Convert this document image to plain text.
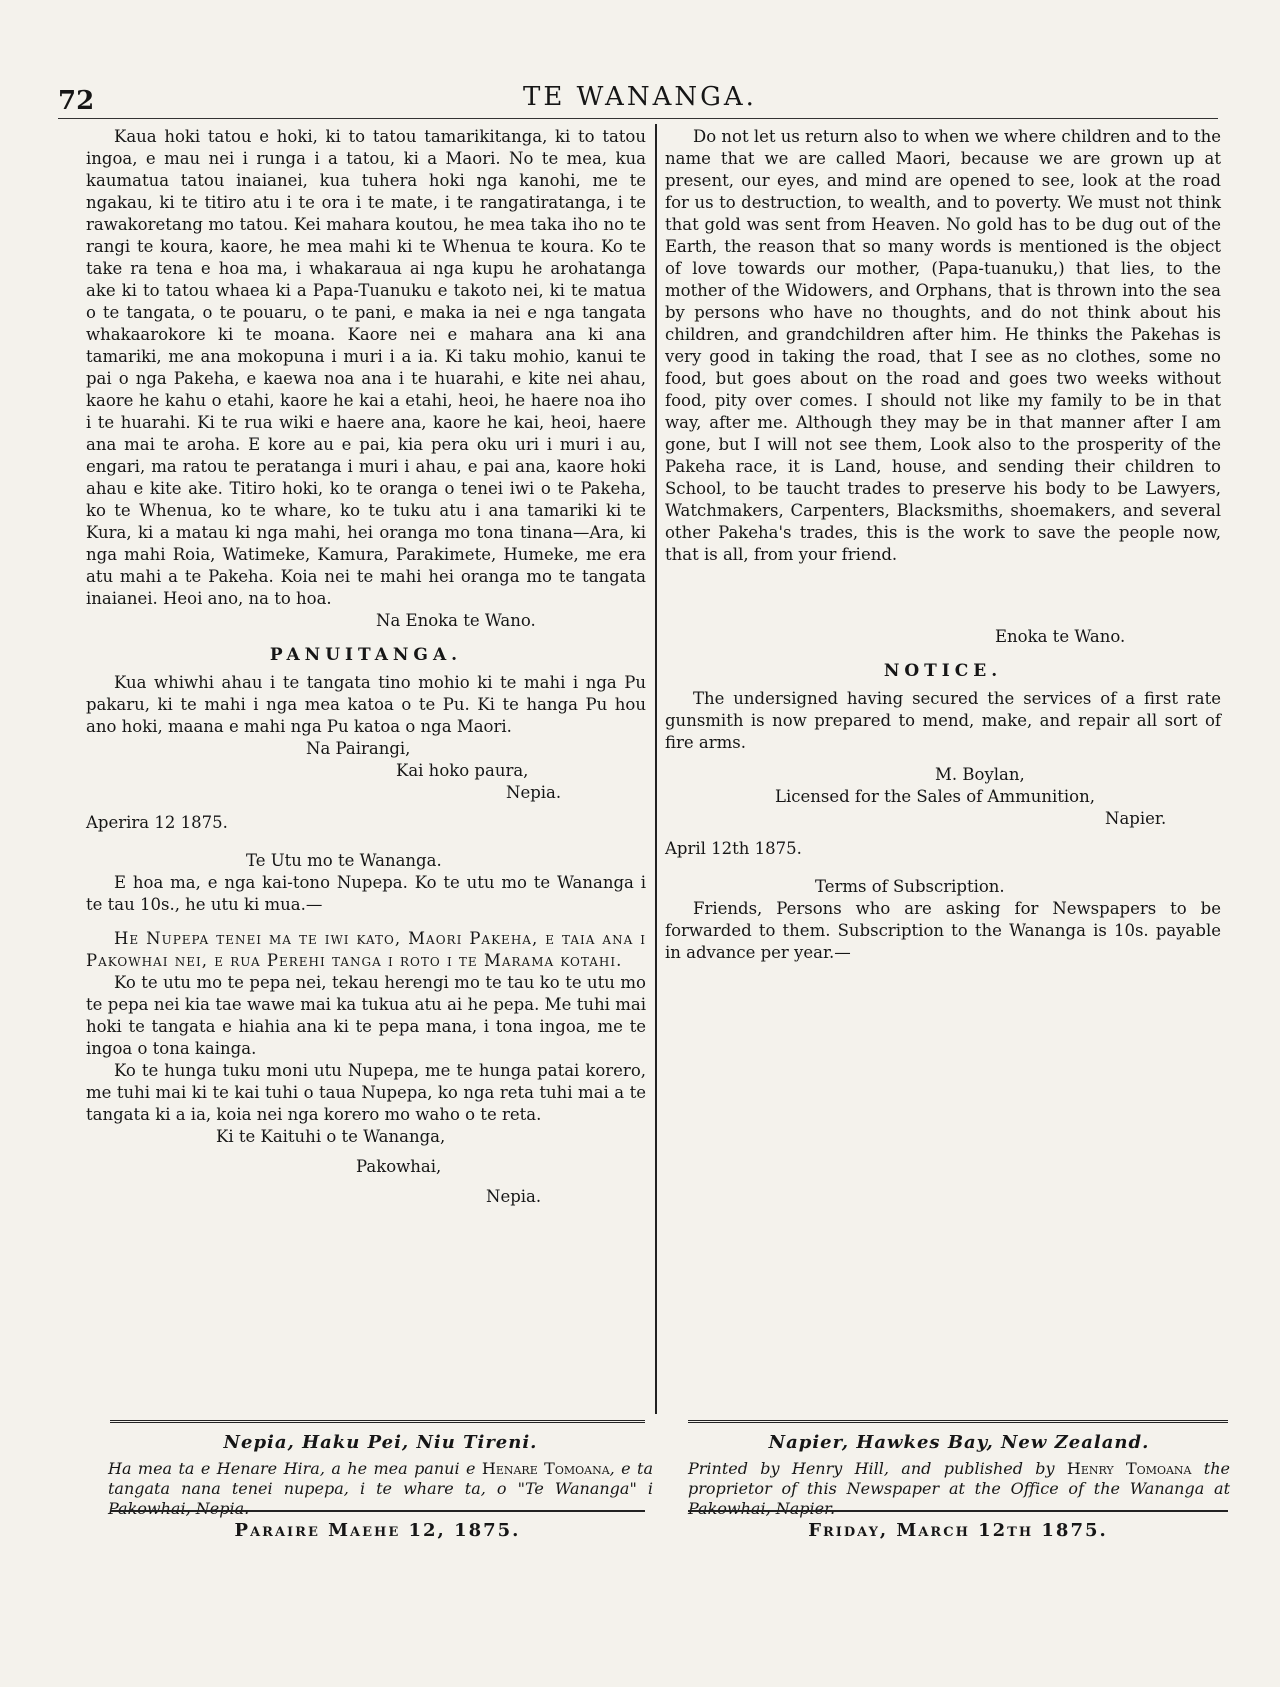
72	TE WANANGA.

Kaua hoki tatou e hoki, ki to tatou tamarikitanga, ki to tatou ingoa, e mau nei i runga i a tatou, ki a Maori. No te mea, kua kaumatua tatou inaianei, kua tuhera hoki nga kanohi, me te ngakau, ki te titiro atu i te ora i te mate, i te rangatiratanga, i te rawakoretang mo tatou. Kei mahara koutou, he mea taka iho no te rangi te koura, kaore, he mea mahi ki te Whenua te koura. Ko te take ra tena e hoa ma, i whakaraua ai nga kupu he arohatanga ake ki to tatou whaea ki a Papa-Tuanuku e takoto nei, ki te matua o te tangata, o te pouaru, o te pani, e maka ia nei e nga tangata whakaarokore ki te moana. Kaore nei e mahara ana ki ana tamariki, me ana mokopuna i muri i a ia. Ki taku mohio, kanui te pai o nga Pakeha, e kaewa noa ana i te huarahi, e kite nei ahau, kaore he kahu o etahi, kaore he kai a etahi, heoi, he haere noa iho i te huarahi. Ki te rua wiki e haere ana, kaore he kai, heoi, haere ana mai te aroha. E kore au e pai, kia pera oku uri i muri i au, engari, ma ratou te peratanga i muri i ahau, e pai ana, kaore hoki ahau e kite ake. Titiro hoki, ko te oranga o tenei iwi o te Pakeha, ko te Whenua, ko te whare, ko te tuku atu i ana tamariki ki te Kura, ki a matau ki nga mahi, hei oranga mo tona tinana—Ara, ki nga mahi Roia, Watimeke, Kamura, Parakimete, Humeke, me era atu mahi a te Pakeha. Koia nei te mahi hei oranga mo te tangata inaianei. Heoi ano, na to hoa.

Na Enoka te Wano.

PANUITANGA.

Kua whiwhi ahau i te tangata tino mohio ki te mahi i nga Pu pakaru, ki te mahi i nga mea katoa o te Pu. Ki te hanga Pu hou ano hoki, maana e mahi nga Pu katoa o nga Maori.

Na Pairangi,

Kai hoko paura,

Nepia.

Aperira 12 1875.

Te Utu mo te Wananga.

E hoa ma, e nga kai-tono Nupepa. Ko te utu mo te Wananga i te tau 10s., he utu ki mua.—

He Nupepa tenei ma te iwi kato, Maori Pakeha, e taia ana i Pakowhai nei, e rua Perehi tanga i roto i te Marama kotahi.

Ko te utu mo te pepa nei, tekau herengi mo te tau ko te utu mo te pepa nei kia tae wawe mai ka tukua atu ai he pepa. Me tuhi mai hoki te tangata e hiahia ana ki te pepa mana, i tona ingoa, me te ingoa o tona kainga.

Ko te hunga tuku moni utu Nupepa, me te hunga patai korero, me tuhi mai ki te kai tuhi o taua Nupepa, ko nga reta tuhi mai a te tangata ki a ia, koia nei nga korero mo waho o te reta.

Ki te Kaituhi o te Wananga,

Pakowhai,

Nepia.

Do not let us return also to when we where children and to the name that we are called Maori, because we are grown up at present, our eyes, and mind are opened to see, look at the road for us to destruction, to wealth, and to poverty. We must not think that gold was sent from Heaven. No gold has to be dug out of the Earth, the reason that so many words is mentioned is the object of love towards our mother, (Papa-tuanuku,) that lies, to the mother of the Widowers, and Orphans, that is thrown into the sea by persons who have no thoughts, and do not think about his children, and grandchildren after him. He thinks the Pakehas is very good in taking the road, that I see as no clothes, some no food, but goes about on the road and goes two weeks without food, pity over comes. I should not like my family to be in that way, after me. Although they may be in that manner after I am gone, but I will not see them, Look also to the prosperity of the Pakeha race, it is Land, house, and sending their children to School, to be taucht trades to preserve his body to be Lawyers, Watchmakers, Carpenters, Blacksmiths, shoemakers, and several other Pakeha's trades, this is the work to save the people now, that is all, from your friend.

Enoka te Wano.

NOTICE.

The undersigned having secured the services of a first rate gunsmith is now prepared to mend, make, and repair all sort of fire arms.

M. Boylan,

Licensed for the Sales of Ammunition,

Napier.

April 12th 1875.

Terms of Subscription.

Friends, Persons who are asking for Newspapers to be forwarded to them. Subscription to the Wananga is 10s. payable in advance per year.—

Nepia, Haku Pei, Niu Tireni.
Ha mea ta e Henare Hira, a he mea panui e Henare Tomoana, e ta tangata nana tenei nupepa, i te whare ta, o "Te Wananga" i Pakowhai, Nepia.
Napier, Hawkes Bay, New Zealand.
Printed by Henry Hill, and published by Henry Tomoana the proprietor of this Newspaper at the Office of the Wananga at Pakowhai, Napier.
Paraire Maehe 12, 1875.	Friday, March 12th 1875.
